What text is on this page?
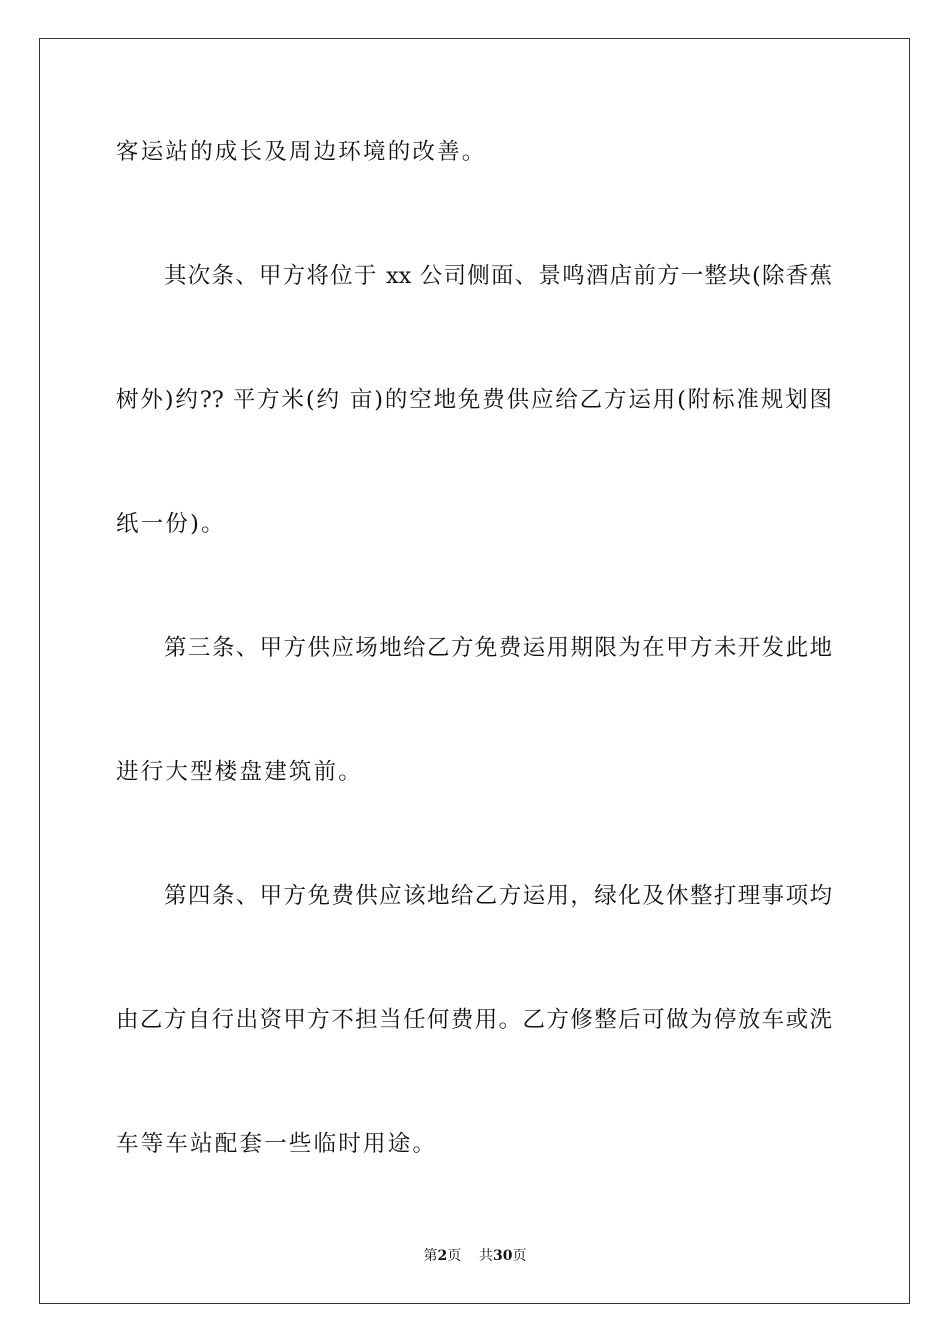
客运站的成长及周边环境的改善。
其次条、甲方将位于 xx 公司侧面、景鸣酒店前方一整块(除香蕉
树外)约?? 平方米(约 亩)的空地免费供应给乙方运用(附标准规划图
纸一份)。
第三条、甲方供应场地给乙方免费运用期限为在甲方未开发此地
进行大型楼盘建筑前。
第四条、甲方免费供应该地给乙方运用，绿化及休整打理事项均
由乙方自行出资甲方不担当任何费用。乙方修整后可做为停放车或洗
车等车站配套一些临时用途。
第2页 共30页
